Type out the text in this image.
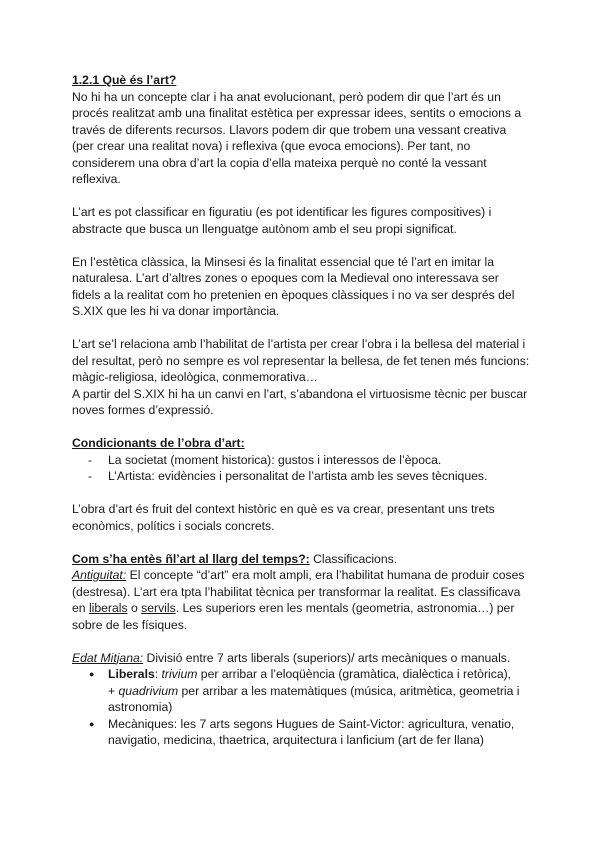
1.2.1 Què és l’art?

No hi ha un concepte clar i ha anat evolucionant, però podem dir que l’art és un procés realitzat amb una finalitat estètica per expressar idees, sentits o emocions a través de diferents recursos. Llavors podem dir que trobem una vessant creativa (per crear una realitat nova) i reflexiva (que evoca emocions). Per tant, no considerem una obra d’art la copia d’ella mateixa perquè no conté la vessant reflexiva.

L’art es pot classificar en figuratiu (es pot identificar les figures compositives) i abstracte que busca un llenguatge autònom amb el seu propi significat.

En l’estètica clàssica, la Minsesi és la finalitat essencial que té l’art en imitar la naturalesa. L’art d’altres zones o epoques com la Medieval ono interessava ser fidels a la realitat com ho pretenien en èpoques clàssiques i no va ser després del S.XIX que les hi va donar importància.

L’art se’l relaciona amb l’habilitat de l’artista per crear l’obra i la bellesa del material i del resultat, però no sempre es vol representar la bellesa, de fet tenen més funcions: màgic-religiosa, ideològica, conmemorativa…

A partir del S.XIX hi ha un canvi en l’art, s’abandona el virtuosisme tècnic per buscar noves formes d’expressió.

Condicionants de l’obra d’art:

- La societat (moment historica): gustos i interessos de l’època.
- L’Artista: evidències i personalitat de l’artista amb les seves tècniques.

L’obra d’art és fruit del context històric en què es va crear, presentant uns trets econòmics, polítics i socials concrets.

Com s’ha entès ñl’art al llarg del temps?: Classificacions.

Antiguitat: El concepte “d’art” era molt ampli, era l’habilitat humana de produir coses (destresa). L’art era tpta l’habilitat tècnica per transformar la realitat. Es classificava en liberals o servils. Les superiors eren les mentals (geometria, astronomia…) per sobre de les físiques.

Edat Mitjana: Divisió entre 7 arts liberals (superiors)/ arts mecàniques o manuals.

● Liberals: trivium per arribar a l’eloqüència (gramàtica, dialèctica i retòrica),
+ quadrivium per arribar a les matemàtiques (música, aritmètica, geometria i astronomia)
● Mecàniques: les 7 arts segons Hugues de Saint-Victor: agricultura, venatio, navigatio, medicina, thaetrica, arquitectura i lanficium (art de fer llana)
